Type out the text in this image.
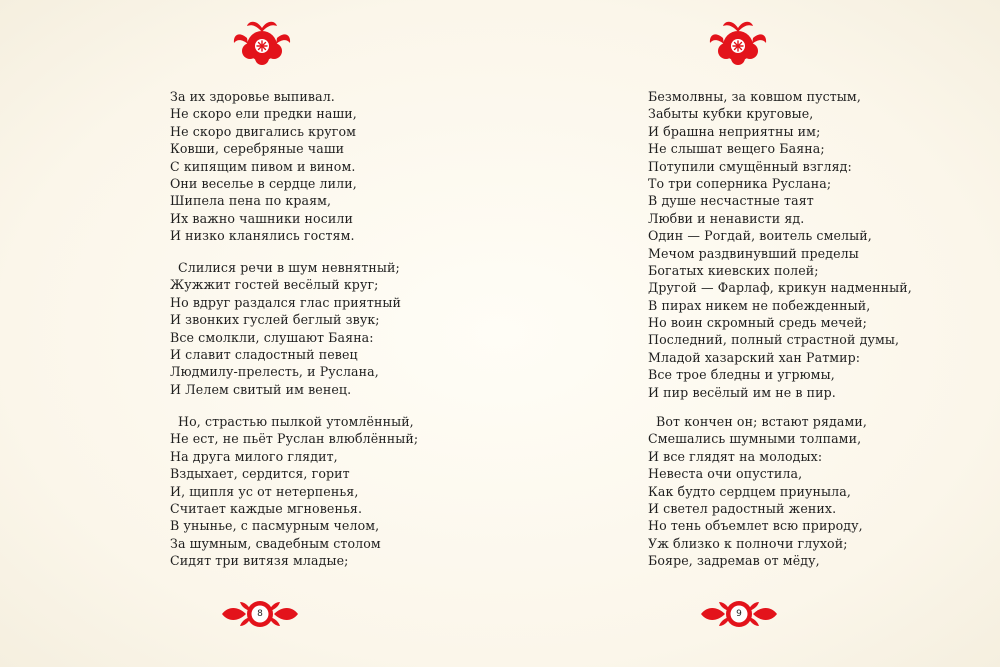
За их здоровье выпивал.
Не скоро ели предки наши,
Не скоро двигались кругом
Ковши, серебряные чаши
С кипящим пивом и вином.
Они веселье в сердце лили,
Шипела пена по краям,
Их важно чашники носили
И низко кланялись гостям.
Слилися речи в шум невнятный;
Жужжит гостей весёлый круг;
Но вдруг раздался глас приятный
И звонких гуслей беглый звук;
Все смолкли, слушают Баяна:
И славит сладостный певец
Людмилу-прелесть, и Руслана,
И Лелем свитый им венец.
Но, страстью пылкой утомлённый,
Не ест, не пьёт Руслан влюблённый;
На друга милого глядит,
Вздыхает, сердится, горит
И, щипля ус от нетерпенья,
Считает каждые мгновенья.
В унынье, с пасмурным челом,
За шумным, свадебным столом
Сидят три витязя младые;
8
Безмолвны, за ковшом пустым,
Забыты кубки круговые,
И брашна неприятны им;
Не слышат вещего Баяна;
Потупили смущённый взгляд:
То три соперника Руслана;
В душе несчастные таят
Любви и ненависти яд.
Один — Рогдай, воитель смелый,
Мечом раздвинувший пределы
Богатых киевских полей;
Другой — Фарлаф, крикун надменный,
В пирах никем не побежденный,
Но воин скромный средь мечей;
Последний, полный страстной думы,
Младой хазарский хан Ратмир:
Все трое бледны и угрюмы,
И пир весёлый им не в пир.
Вот кончен он; встают рядами,
Смешались шумными толпами,
И все глядят на молодых:
Невеста очи опустила,
Как будто сердцем приуныла,
И светел радостный жених.
Но тень объемлет всю природу,
Уж близко к полночи глухой;
Бояре, задремав от мёду,
9
